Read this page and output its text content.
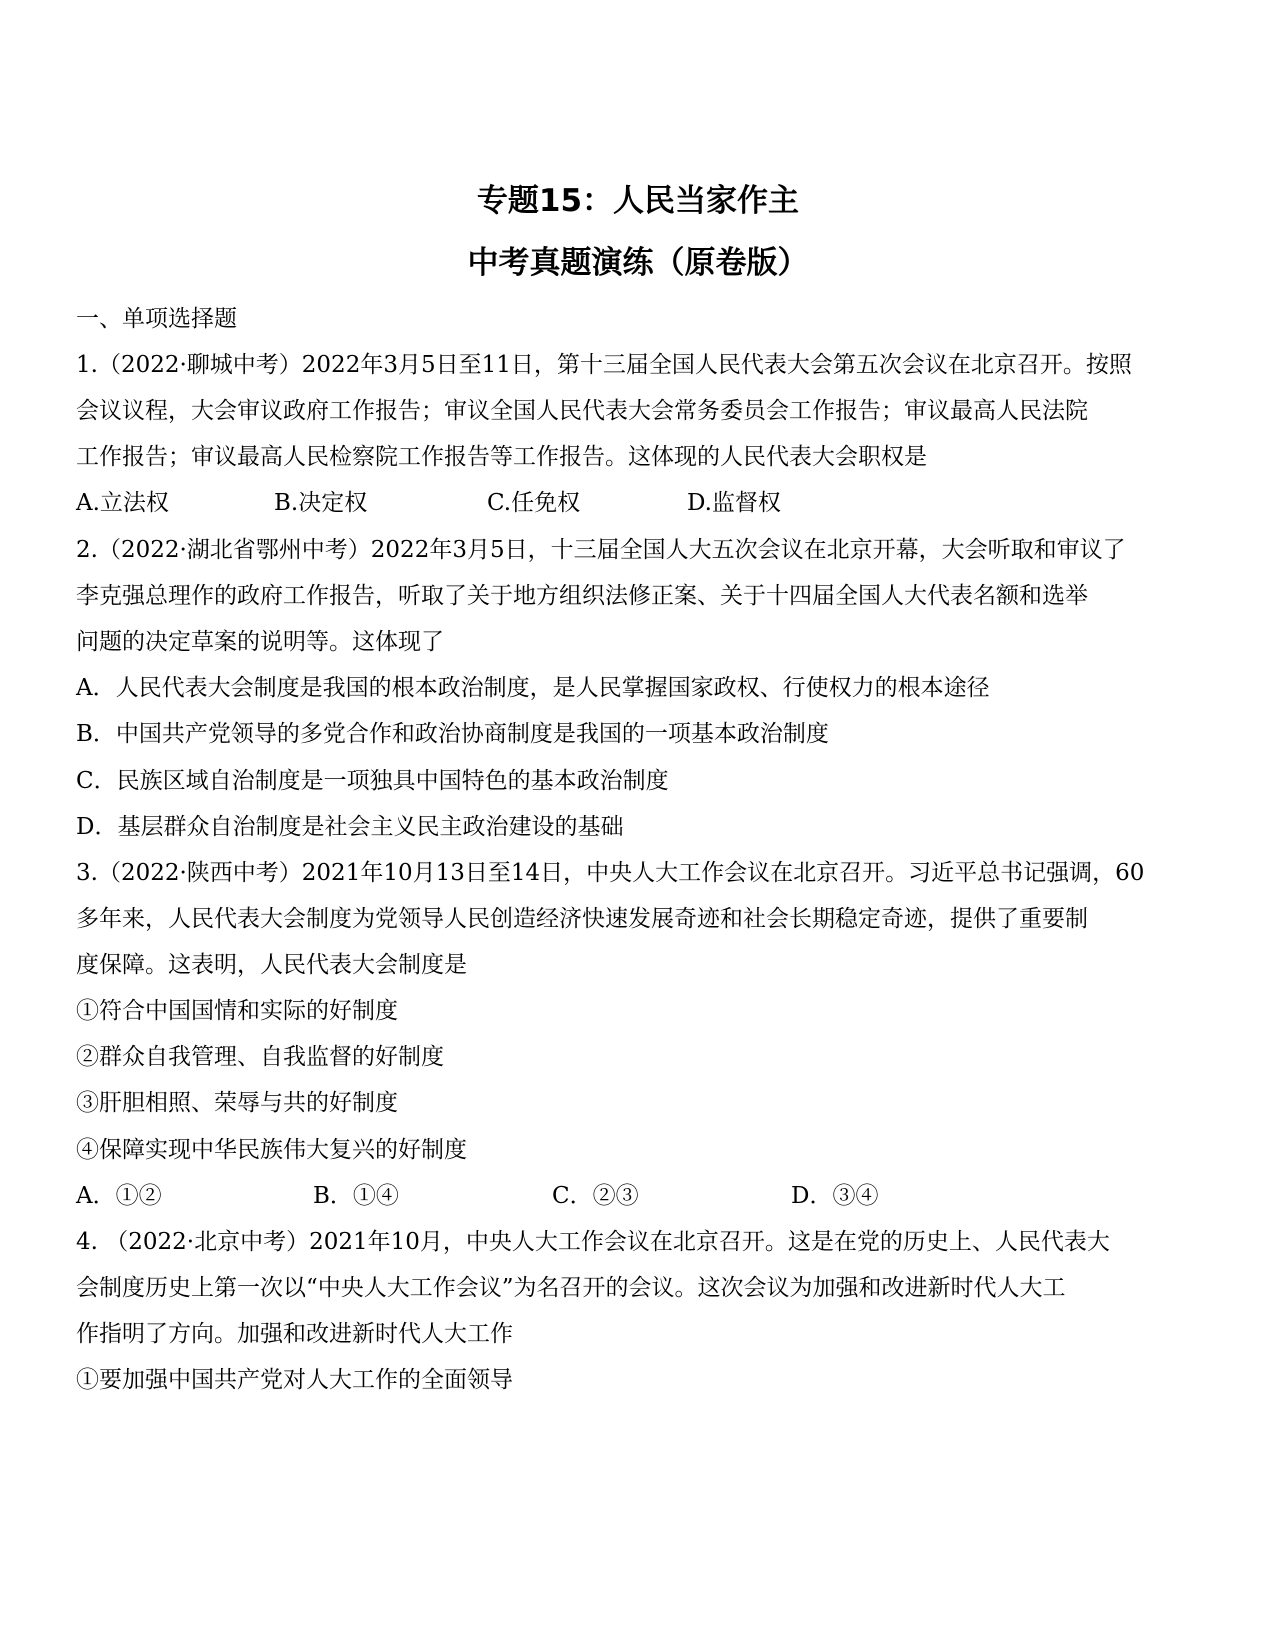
专题15：人民当家作主
中考真题演练（原卷版）
一、单项选择题
1.（2022·聊城中考）2022年3月5日至11日，第十三届全国人民代表大会第五次会议在北京召开。按照
会议议程，大会审议政府工作报告；审议全国人民代表大会常务委员会工作报告；审议最高人民法院
工作报告；审议最高人民检察院工作报告等工作报告。这体现的人民代表大会职权是
A.立法权	B.决定权	C.任免权	D.监督权
2.（2022·湖北省鄂州中考）2022年3月5日，十三届全国人大五次会议在北京开幕，大会听取和审议了
李克强总理作的政府工作报告，听取了关于地方组织法修正案、关于十四届全国人大代表名额和选举
问题的决定草案的说明等。这体现了
A．人民代表大会制度是我国的根本政治制度，是人民掌握国家政权、行使权力的根本途径
B．中国共产党领导的多党合作和政治协商制度是我国的一项基本政治制度
C．民族区域自治制度是一项独具中国特色的基本政治制度
D．基层群众自治制度是社会主义民主政治建设的基础
3.（2022·陕西中考）2021年10月13日至14日，中央人大工作会议在北京召开。习近平总书记强调，60
多年来，人民代表大会制度为党领导人民创造经济快速发展奇迹和社会长期稳定奇迹，提供了重要制
度保障。这表明，人民代表大会制度是
①符合中国国情和实际的好制度
②群众自我管理、自我监督的好制度
③肝胆相照、荣辱与共的好制度
④保障实现中华民族伟大复兴的好制度
A．①②	B．①④	C．②③	D．③④
4. （2022·北京中考）2021年10月，中央人大工作会议在北京召开。这是在党的历史上、人民代表大
会制度历史上第一次以“中央人大工作会议”为名召开的会议。这次会议为加强和改进新时代人大工
作指明了方向。加强和改进新时代人大工作
①要加强中国共产党对人大工作的全面领导
